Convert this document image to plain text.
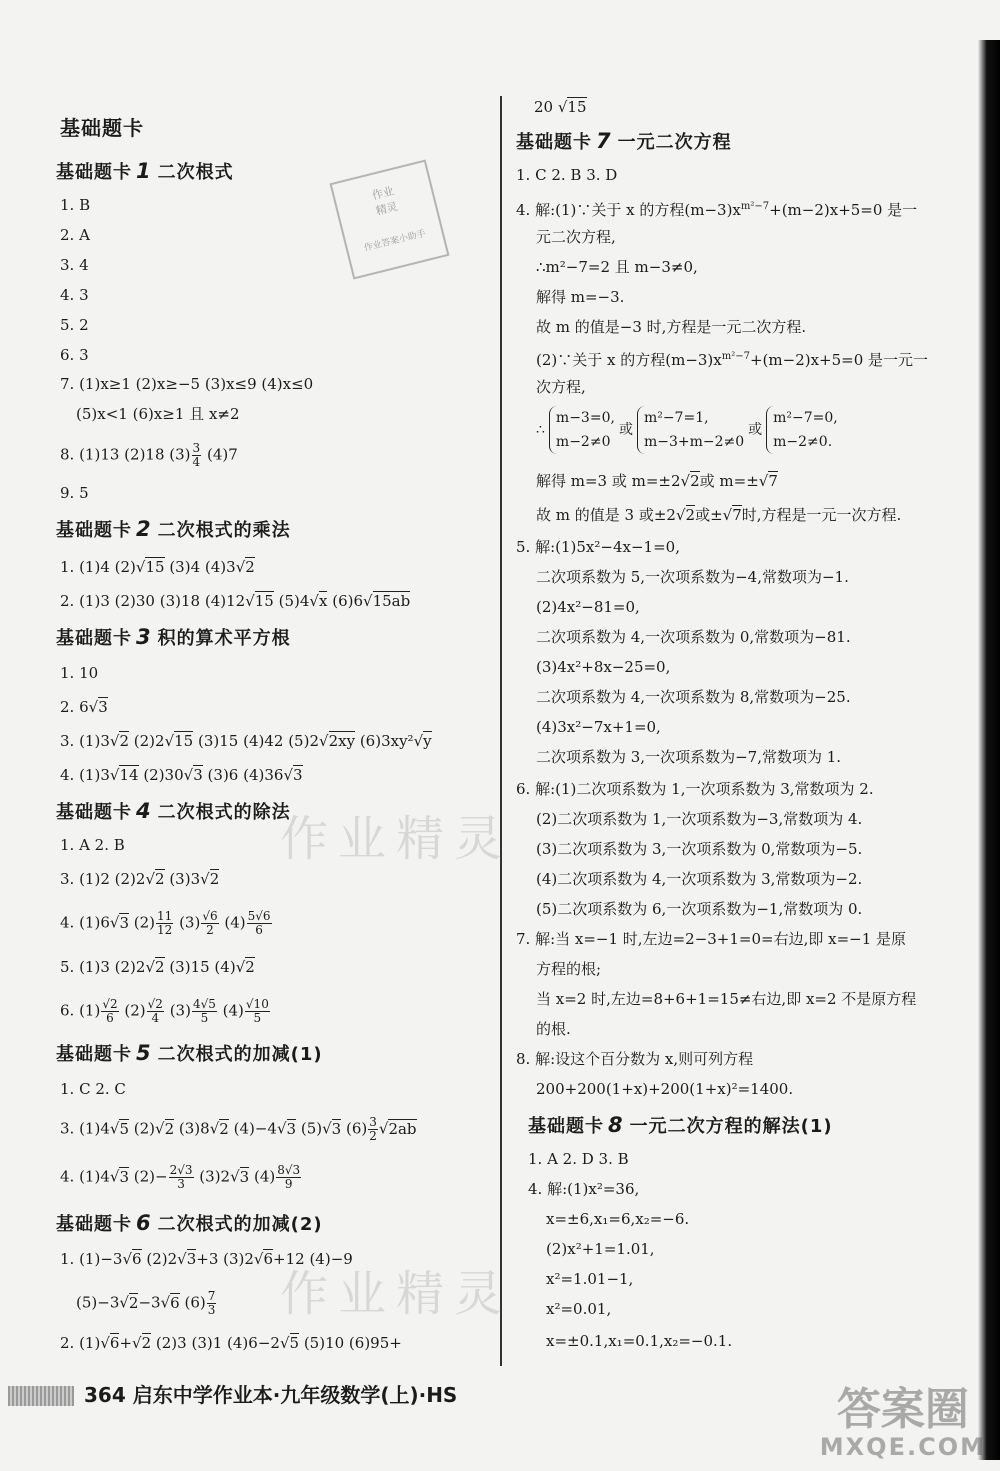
作业
精灵
作业答案小助手
作业精灵
作业精灵
基础题卡
基础题卡 1 二次根式
1. B
2. A
3. 4
4. 3
5. 2
6. 3
7. (1)x≥1 (2)x≥−5 (3)x≤9 (4)x≤0
(5)x<1 (6)x≥1 且 x≠2
8. (1)13 (2)18 $(3) \frac{3}{4} (4)7$
9. 5
基础题卡 2 二次根式的乘法
1. (1)4 (2)√15 (3)4 (4)3√2
2. (1)3 (2)30 (3)18 (4)12√15 (5)4√x (6)6√15ab
基础题卡 3 积的算术平方根
1. 10
2. 6√3
3. (1)3√2 (2)2√15 (3)15 (4)42 (5)2√2xy (6)3xy²√y
4. (1)3√14 (2)30√3 (3)6 (4)36√3
基础题卡 4 二次根式的除法
1. A 2. B
3. (1)2 (2)2√2 (3)3√2
4. (1)6√3 $(2) \frac{11}{12} (3) \frac{√6}{2} (4) \frac{5√6}{6}$
5. (1)3 (2)2√2 (3)15 (4)√2
6. $(1) \frac{√2}{6} (2) \frac{√2}{4} (3) \frac{4√5}{5} (4) \frac{√10}{5}$
基础题卡 5 二次根式的加减(1)
1. C 2. C
3. (1)4√5 (2)√2 (3)8√2 (4)−4√3 (5)√3 $(6) \frac{3}{2} √2ab$
4. (1)4√3 $(2)- \frac{2√3}{3} (3)2√3$ $(4) \frac{8√3}{9}$
基础题卡 6 二次根式的加减(2)
1. (1)−3√6 (2)2√3+3 (3)2√6+12 (4)−9
(5)−3√2−3√6 $(6) \frac{7}{3}$
2. (1)√6+√2 (2)3 (3)1 (4)6−2√5 (5)10 (6)95+
20 √15
基础题卡 7 一元二次方程
1. C 2. B 3. D
4. 解:(1)∵关于 x 的方程$(m-3)x^{m^2-7}+(m-2)x+5=0$ 是一
元二次方程,
∴m²−7=2 且 m−3≠0,
解得 m=−3.
故 m 的值是−3 时,方程是一元二次方程.
(2)∵关于 x 的方程$(m-3)x^{m^2-7}+(m-2)x+5=0$ 是一元一
次方程,
∴
m−3=0,
m−2≠0
或
m²−7=1,
m−3+m−2≠0
或
m²−7=0,
m−2≠0.
解得 m=3 或 m=±2√2或 m=±√7
故 m 的值是 3 或±2√2或±√7时,方程是一元一次方程.
5. 解:(1)5x²−4x−1=0,
二次项系数为 5,一次项系数为−4,常数项为−1.
(2)4x²−81=0,
二次项系数为 4,一次项系数为 0,常数项为−81.
(3)4x²+8x−25=0,
二次项系数为 4,一次项系数为 8,常数项为−25.
(4)3x²−7x+1=0,
二次项系数为 3,一次项系数为−7,常数项为 1.
6. 解:(1)二次项系数为 1,一次项系数为 3,常数项为 2.
(2)二次项系数为 1,一次项系数为−3,常数项为 4.
(3)二次项系数为 3,一次项系数为 0,常数项为−5.
(4)二次项系数为 4,一次项系数为 3,常数项为−2.
(5)二次项系数为 6,一次项系数为−1,常数项为 0.
7. 解:当 x=−1 时,左边=2−3+1=0=右边,即 x=−1 是原
方程的根;
当 x=2 时,左边=8+6+1=15≠右边,即 x=2 不是原方程
的根.
8. 解:设这个百分数为 x,则可列方程
200+200(1+x)+200(1+x)²=1400.
基础题卡 8 一元二次方程的解法(1)
1. A 2. D 3. B
4. 解:(1)x²=36,
x=±6,x₁=6,x₂=−6.
(2)x²+1=1.01,
x²=1.01−1,
x²=0.01,
x=±0.1,x₁=0.1,x₂=−0.1.
364 启东中学作业本·九年级数学(上)·HS	答案圈
MXQE.COM
